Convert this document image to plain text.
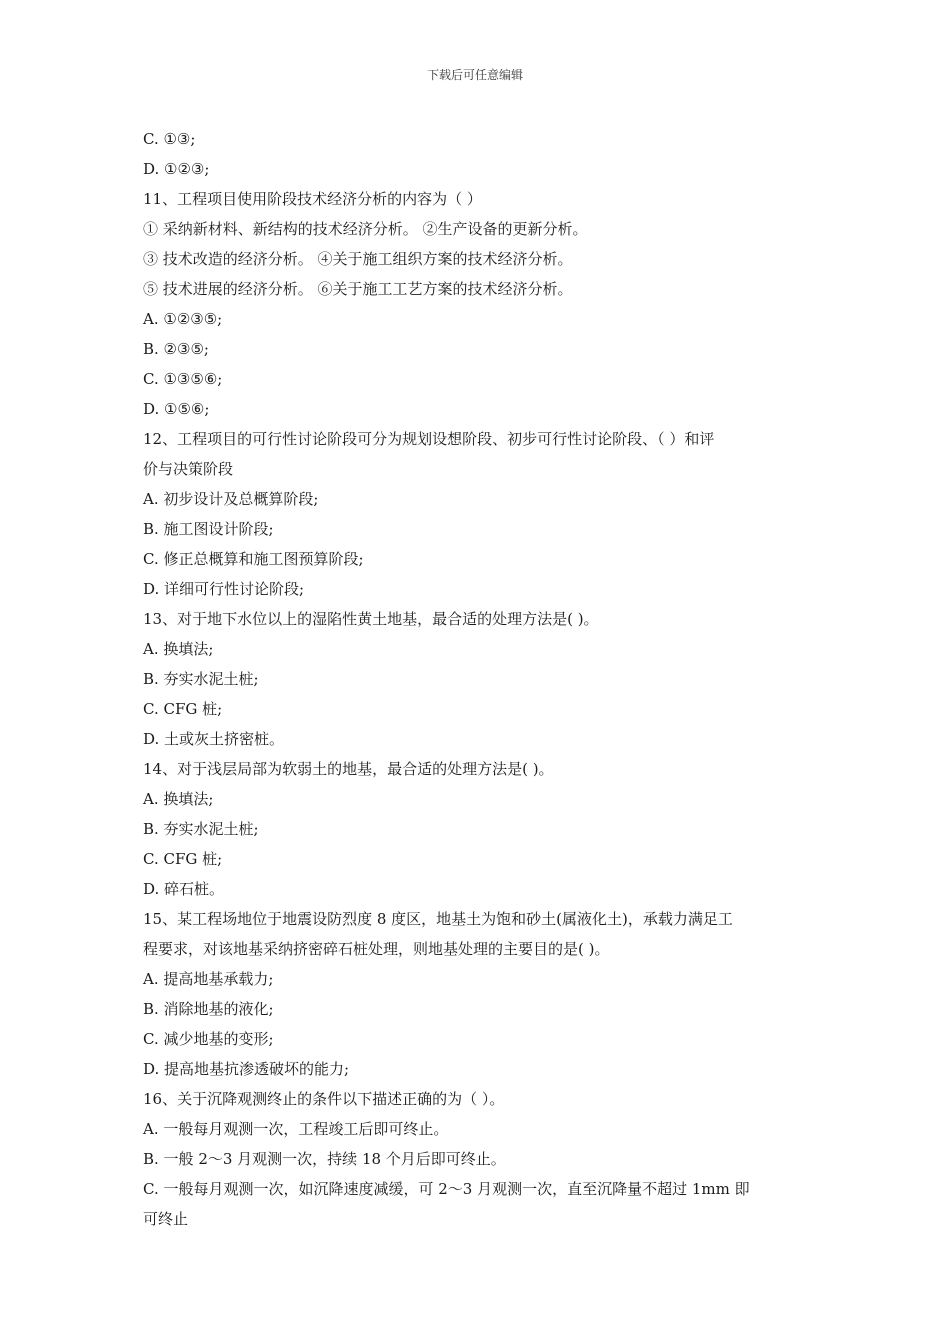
下载后可任意编辑
C. ①③;
D. ①②③;
11、工程项目使用阶段技术经济分析的内容为（ ）
① 采纳新材料、新结构的技术经济分析。 ②生产设备的更新分析。
③ 技术改造的经济分析。 ④关于施工组织方案的技术经济分析。
⑤ 技术进展的经济分析。 ⑥关于施工工艺方案的技术经济分析。
A. ①②③⑤;
B. ②③⑤;
C. ①③⑤⑥;
D. ①⑤⑥;
12、工程项目的可行性讨论阶段可分为规划设想阶段、初步可行性讨论阶段、（ ）和评
价与决策阶段
A. 初步设计及总概算阶段;
B. 施工图设计阶段;
C. 修正总概算和施工图预算阶段;
D. 详细可行性讨论阶段;
13、对于地下水位以上的湿陷性黄土地基，最合适的处理方法是( )。
A. 换填法;
B. 夯实水泥土桩;
C. CFG 桩;
D. 土或灰土挤密桩。
14、对于浅层局部为软弱土的地基，最合适的处理方法是( )。
A. 换填法;
B. 夯实水泥土桩;
C. CFG 桩;
D. 碎石桩。
15、某工程场地位于地震设防烈度 8 度区，地基土为饱和砂土(属液化土)，承载力满足工
程要求，对该地基采纳挤密碎石桩处理，则地基处理的主要目的是( )。
A. 提高地基承载力;
B. 消除地基的液化;
C. 减少地基的变形;
D. 提高地基抗渗透破坏的能力;
16、关于沉降观测终止的条件以下描述正确的为（ ）。
A. 一般每月观测一次，工程竣工后即可终止。
B. 一般 2～3 月观测一次，持续 18 个月后即可终止。
C. 一般每月观测一次，如沉降速度减缓，可 2～3 月观测一次，直至沉降量不超过 1mm 即
可终止
